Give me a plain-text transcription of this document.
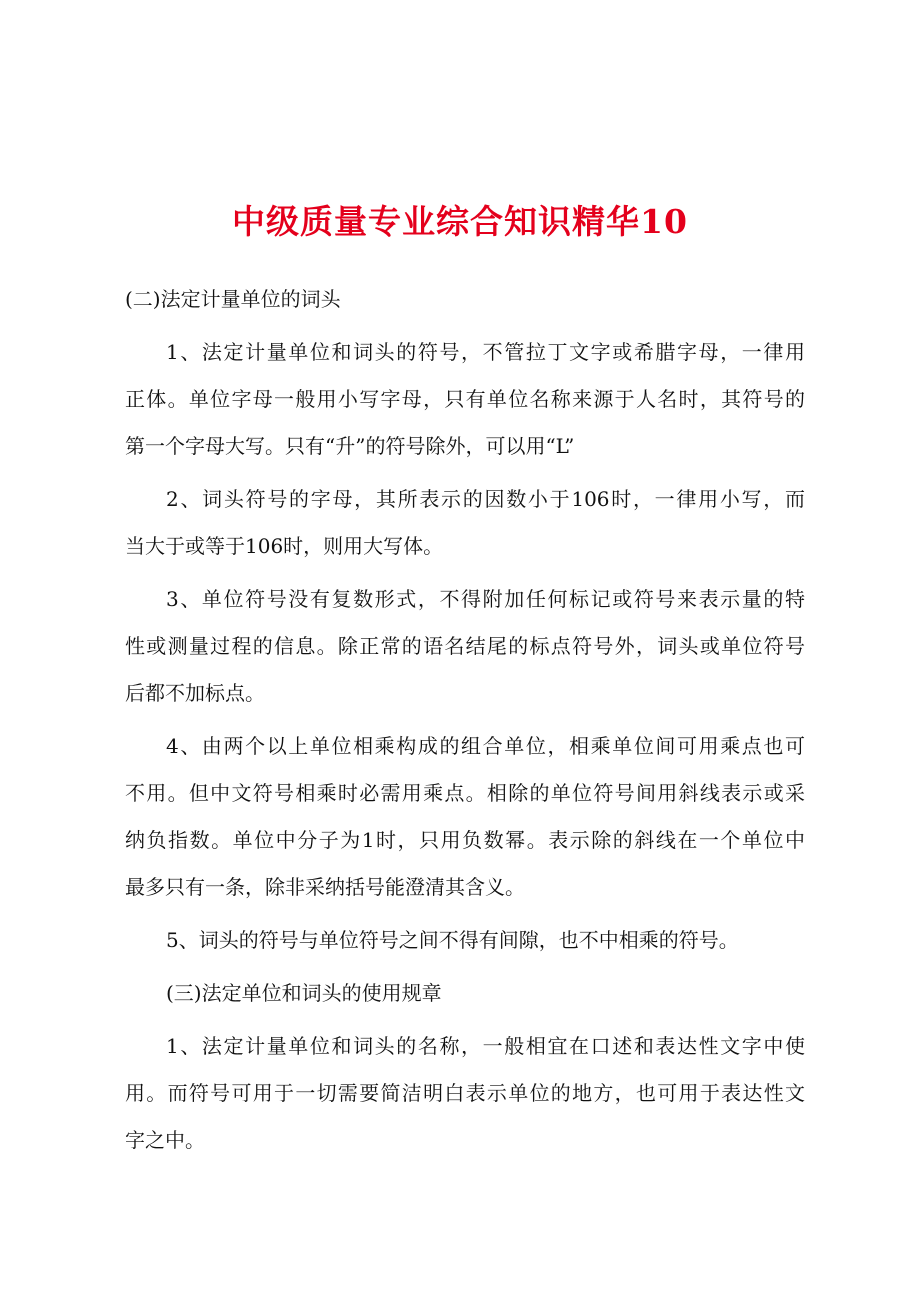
中级质量专业综合知识精华10
(二)法定计量单位的词头
1、法定计量单位和词头的符号，不管拉丁文字或希腊字母，一律用
正体。单位字母一般用小写字母，只有单位名称来源于人名时，其符号的
第一个字母大写。只有“升”的符号除外，可以用“L”
2、词头符号的字母，其所表示的因数小于106时，一律用小写，而
当大于或等于106时，则用大写体。
3、单位符号没有复数形式，不得附加任何标记或符号来表示量的特
性或测量过程的信息。除正常的语名结尾的标点符号外，词头或单位符号
后都不加标点。
4、由两个以上单位相乘构成的组合单位，相乘单位间可用乘点也可
不用。但中文符号相乘时必需用乘点。相除的单位符号间用斜线表示或采
纳负指数。单位中分子为1时，只用负数幂。表示除的斜线在一个单位中
最多只有一条，除非采纳括号能澄清其含义。
5、词头的符号与单位符号之间不得有间隙，也不中相乘的符号。
(三)法定单位和词头的使用规章
1、法定计量单位和词头的名称，一般相宜在口述和表达性文字中使
用。而符号可用于一切需要简洁明白表示单位的地方，也可用于表达性文
字之中。
